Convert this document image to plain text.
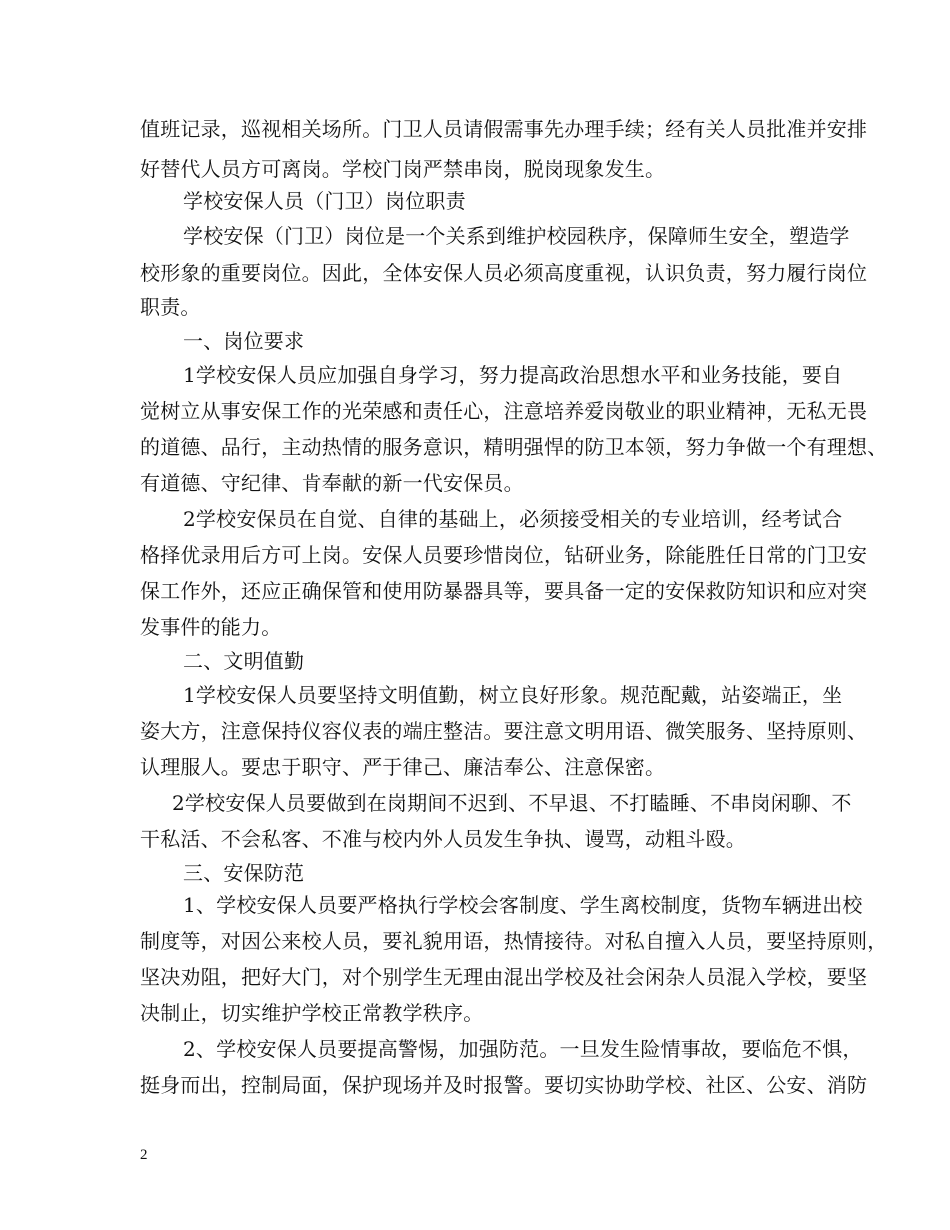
值班记录，巡视相关场所。门卫人员请假需事先办理手续；经有关人员批准并安排
好替代人员方可离岗。学校门岗严禁串岗，脱岗现象发生。
学校安保人员（门卫）岗位职责
学校安保（门卫）岗位是一个关系到维护校园秩序，保障师生安全，塑造学
校形象的重要岗位。因此，全体安保人员必须高度重视，认识负责，努力履行岗位
职责。
一、岗位要求
1学校安保人员应加强自身学习，努力提高政治思想水平和业务技能，要自
觉树立从事安保工作的光荣感和责任心，注意培养爱岗敬业的职业精神，无私无畏
的道德、品行，主动热情的服务意识，精明强悍的防卫本领，努力争做一个有理想、
有道德、守纪律、肯奉献的新一代安保员。
2学校安保员在自觉、自律的基础上，必须接受相关的专业培训，经考试合
格择优录用后方可上岗。安保人员要珍惜岗位，钻研业务，除能胜任日常的门卫安
保工作外，还应正确保管和使用防暴器具等，要具备一定的安保救防知识和应对突
发事件的能力。
二、文明值勤
1学校安保人员要坚持文明值勤，树立良好形象。规范配戴，站姿端正，坐
姿大方，注意保持仪容仪表的端庄整洁。要注意文明用语、微笑服务、坚持原则、
认理服人。要忠于职守、严于律己、廉洁奉公、注意保密。
2学校安保人员要做到在岗期间不迟到、不早退、不打瞌睡、不串岗闲聊、不
干私活、不会私客、不准与校内外人员发生争执、谩骂，动粗斗殴。
三、安保防范
1、学校安保人员要严格执行学校会客制度、学生离校制度，货物车辆进出校
制度等，对因公来校人员，要礼貌用语，热情接待。对私自擅入人员，要坚持原则，
坚决劝阻，把好大门，对个别学生无理由混出学校及社会闲杂人员混入学校，要坚
决制止，切实维护学校正常教学秩序。
2、学校安保人员要提高警惕，加强防范。一旦发生险情事故，要临危不惧，
挺身而出，控制局面，保护现场并及时报警。要切实协助学校、社区、公安、消防
2
